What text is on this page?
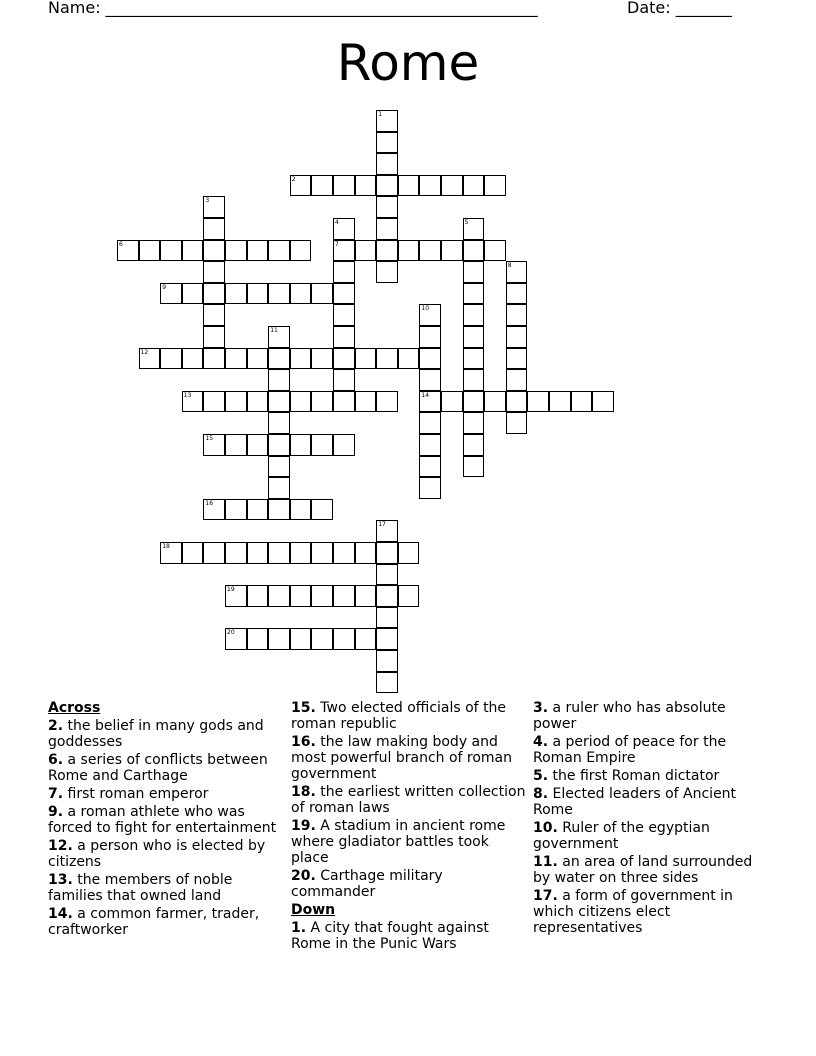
Name: ______________________________________________________	Date: _______
Rome
1
2
3
4
7
5
6
8
9
10
14
11
12
13
15
16
17
18
19
20
Across
2. the belief in many gods and goddesses
6. a series of conflicts between Rome and Carthage
7. first roman emperor
9. a roman athlete who was forced to fight for entertainment
12. a person who is elected by citizens
13. the members of noble families that owned land
14. a common farmer, trader, craftworker
15. Two elected officials of the roman republic
16. the law making body and most powerful branch of roman government
18. the earliest written collection of roman laws
19. A stadium in ancient rome where gladiator battles took place
20. Carthage military commander
Down
1. A city that fought against Rome in the Punic Wars
3. a ruler who has absolute power
4. a period of peace for the Roman Empire
5. the first Roman dictator
8. Elected leaders of Ancient Rome
10. Ruler of the egyptian government
11. an area of land surrounded by water on three sides
17. a form of government in which citizens elect representatives
